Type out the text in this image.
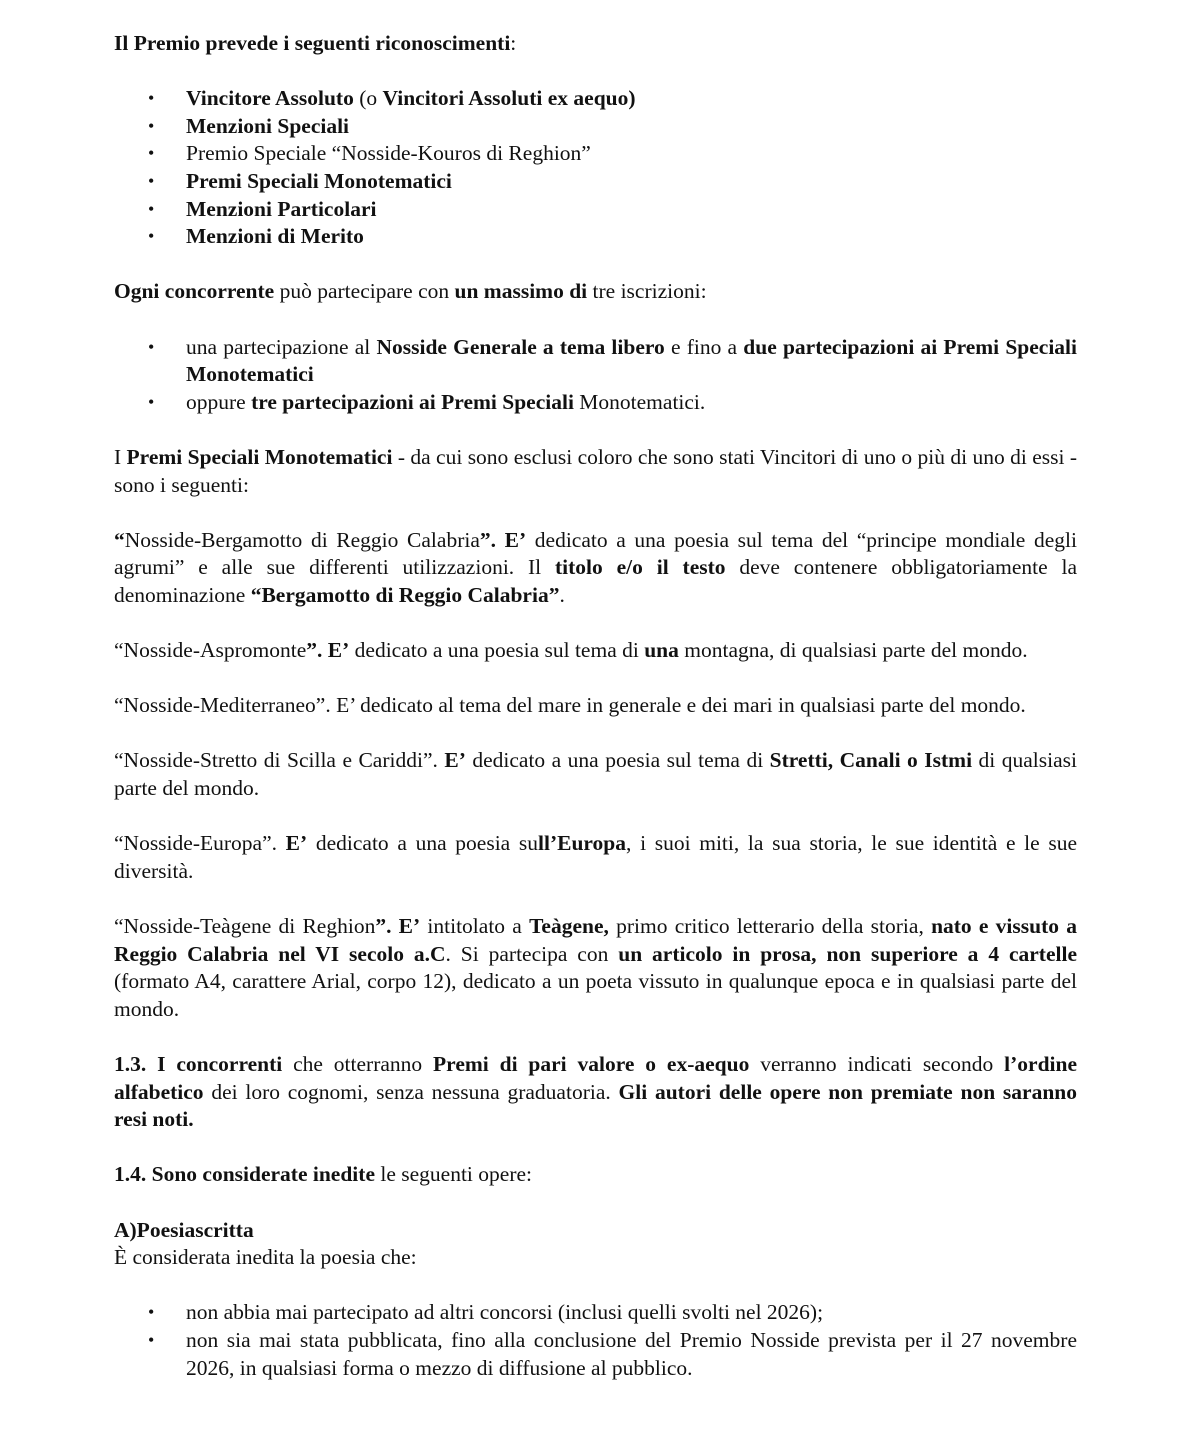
Il Premio prevede i seguenti riconoscimenti:

• Vincitore Assoluto (o Vincitori Assoluti ex aequo)
• Menzioni Speciali
• Premio Speciale “Nosside-Kouros di Reghion”
• Premi Speciali Monotematici
• Menzioni Particolari
• Menzioni di Merito

Ogni concorrente può partecipare con un massimo di tre iscrizioni:

• una partecipazione al Nosside Generale a tema libero e fino a due partecipazioni ai Premi Speciali Monotematici
• oppure tre partecipazioni ai Premi Speciali Monotematici.

I Premi Speciali Monotematici - da cui sono esclusi coloro che sono stati Vincitori di uno o più di uno di essi - sono i seguenti:

“Nosside-Bergamotto di Reggio Calabria”. E’ dedicato a una poesia sul tema del “principe mondiale degli agrumi” e alle sue differenti utilizzazioni. Il titolo e/o il testo deve contenere obbligatoriamente la denominazione “Bergamotto di Reggio Calabria”.

“Nosside-Aspromonte”. E’ dedicato a una poesia sul tema di una montagna, di qualsiasi parte del mondo.

“Nosside-Mediterraneo”. E’ dedicato al tema del mare in generale e dei mari in qualsiasi parte del mondo.

“Nosside-Stretto di Scilla e Cariddi”. E’ dedicato a una poesia sul tema di Stretti, Canali o Istmi di qualsiasi parte del mondo.

“Nosside-Europa”. E’ dedicato a una poesia sull’Europa, i suoi miti, la sua storia, le sue identità e le sue diversità.

“Nosside-Teàgene di Reghion”. E’ intitolato a Teàgene, primo critico letterario della storia, nato e vissuto a Reggio Calabria nel VI secolo a.C. Si partecipa con un articolo in prosa, non superiore a 4 cartelle (formato A4, carattere Arial, corpo 12), dedicato a un poeta vissuto in qualunque epoca e in qualsiasi parte del mondo.

1.3. I concorrenti che otterranno Premi di pari valore o ex-aequo verranno indicati secondo l’ordine alfabetico dei loro cognomi, senza nessuna graduatoria. Gli autori delle opere non premiate non saranno resi noti.

1.4. Sono considerate inedite le seguenti opere:

A)Poesiascritta

È considerata inedita la poesia che:

• non abbia mai partecipato ad altri concorsi (inclusi quelli svolti nel 2026);
• non sia mai stata pubblicata, fino alla conclusione del Premio Nosside prevista per il 27 novembre 2026, in qualsiasi forma o mezzo di diffusione al pubblico.
